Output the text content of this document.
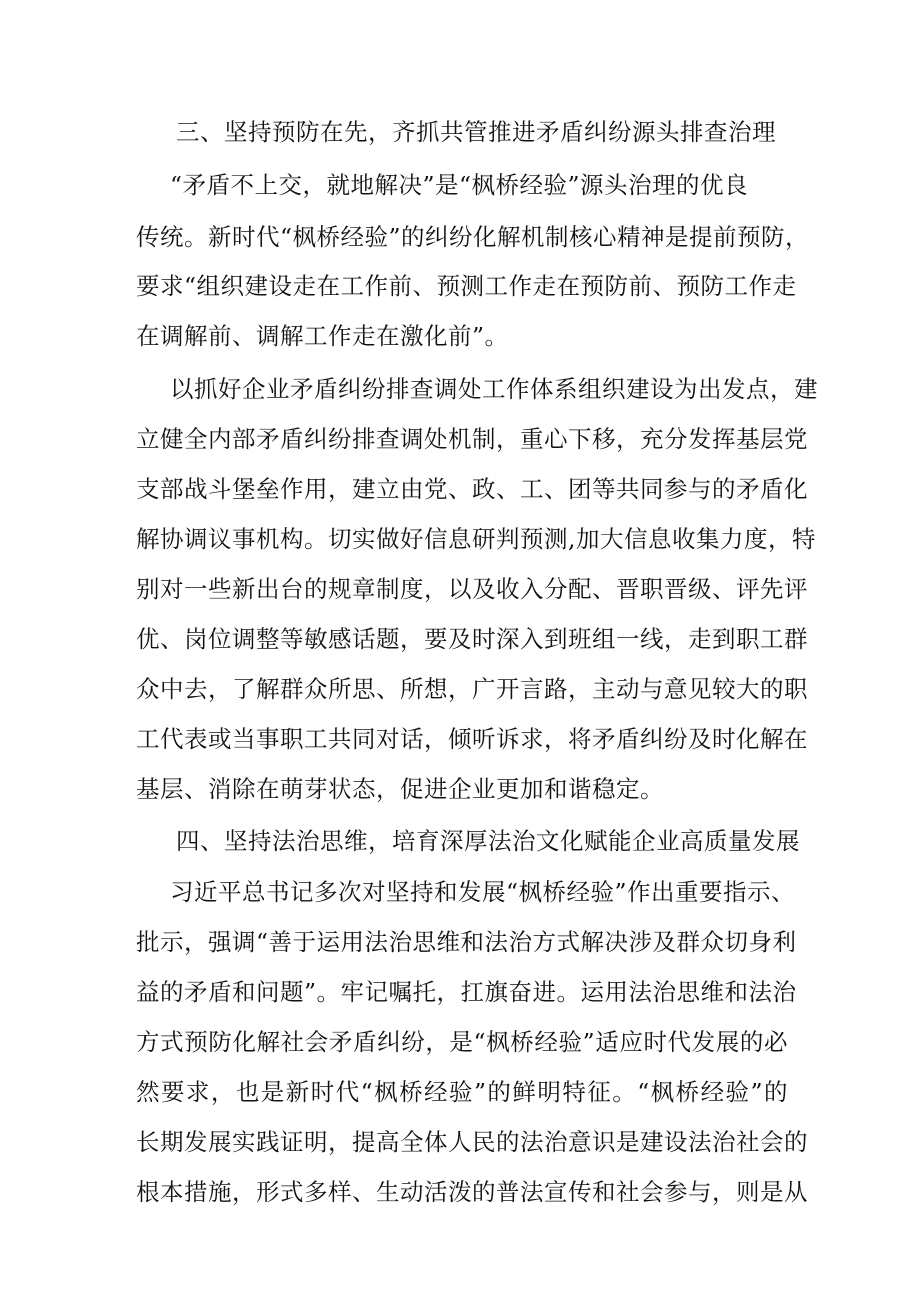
三、坚持预防在先，齐抓共管推进矛盾纠纷源头排查治理
“矛盾不上交，就地解决”是“枫桥经验”源头治理的优良
传统。新时代“枫桥经验”的纠纷化解机制核心精神是提前预防，
要求“组织建设走在工作前、预测工作走在预防前、预防工作走
在调解前、调解工作走在激化前”。
以抓好企业矛盾纠纷排查调处工作体系组织建设为出发点，建
立健全内部矛盾纠纷排查调处机制，重心下移，充分发挥基层党
支部战斗堡垒作用，建立由党、政、工、团等共同参与的矛盾化
解协调议事机构。切实做好信息研判预测,加大信息收集力度，特
别对一些新出台的规章制度，以及收入分配、晋职晋级、评先评
优、岗位调整等敏感话题，要及时深入到班组一线，走到职工群
众中去，了解群众所思、所想，广开言路，主动与意见较大的职
工代表或当事职工共同对话，倾听诉求，将矛盾纠纷及时化解在
基层、消除在萌芽状态，促进企业更加和谐稳定。
四、坚持法治思维，培育深厚法治文化赋能企业高质量发展
习近平总书记多次对坚持和发展“枫桥经验”作出重要指示、
批示，强调“善于运用法治思维和法治方式解决涉及群众切身利
益的矛盾和问题”。牢记嘱托，扛旗奋进。运用法治思维和法治
方式预防化解社会矛盾纠纷，是“枫桥经验”适应时代发展的必
然要求，也是新时代“枫桥经验”的鲜明特征。“枫桥经验”的
长期发展实践证明，提高全体人民的法治意识是建设法治社会的
根本措施，形式多样、生动活泼的普法宣传和社会参与，则是从
